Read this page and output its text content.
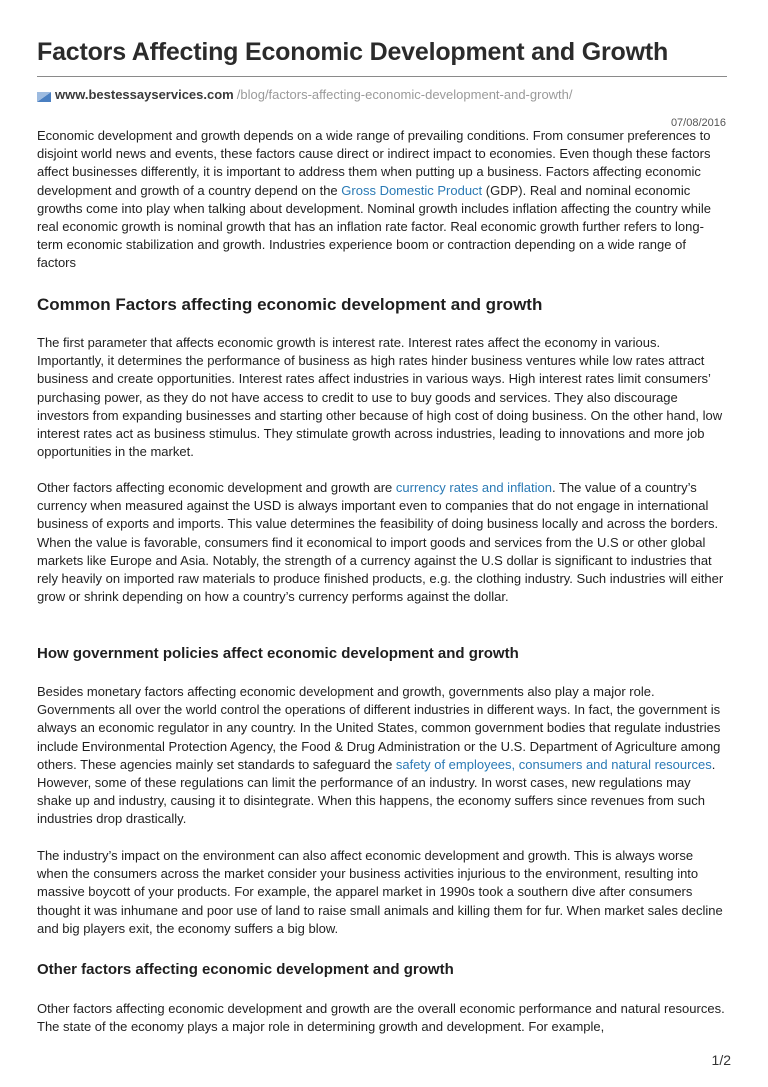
Factors Affecting Economic Development and Growth
www.bestessayservices.com /blog/factors-affecting-economic-development-and-growth/
07/08/2016

Economic development and growth depends on a wide range of prevailing conditions. From consumer preferences to disjoint world news and events, these factors cause direct or indirect impact to economies. Even though these factors affect businesses differently, it is important to address them when putting up a business. Factors affecting economic development and growth of a country depend on the Gross Domestic Product (GDP). Real and nominal economic growths come into play when talking about development. Nominal growth includes inflation affecting the country while real economic growth is nominal growth that has an inflation rate factor. Real economic growth further refers to long-term economic stabilization and growth. Industries experience boom or contraction depending on a wide range of factors

Common Factors affecting economic development and growth

The first parameter that affects economic growth is interest rate. Interest rates affect the economy in various. Importantly, it determines the performance of business as high rates hinder business ventures while low rates attract business and create opportunities. Interest rates affect industries in various ways. High interest rates limit consumers’ purchasing power, as they do not have access to credit to use to buy goods and services. They also discourage investors from expanding businesses and starting other because of high cost of doing business. On the other hand, low interest rates act as business stimulus. They stimulate growth across industries, leading to innovations and more job opportunities in the market.

Other factors affecting economic development and growth are currency rates and inflation. The value of a country’s currency when measured against the USD is always important even to companies that do not engage in international business of exports and imports. This value determines the feasibility of doing business locally and across the borders. When the value is favorable, consumers find it economical to import goods and services from the U.S or other global markets like Europe and Asia. Notably, the strength of a currency against the U.S dollar is significant to industries that rely heavily on imported raw materials to produce finished products, e.g. the clothing industry. Such industries will either grow or shrink depending on how a country’s currency performs against the dollar.

How government policies affect economic development and growth

Besides monetary factors affecting economic development and growth, governments also play a major role. Governments all over the world control the operations of different industries in different ways. In fact, the government is always an economic regulator in any country. In the United States, common government bodies that regulate industries include Environmental Protection Agency, the Food & Drug Administration or the U.S. Department of Agriculture among others. These agencies mainly set standards to safeguard the safety of employees, consumers and natural resources. However, some of these regulations can limit the performance of an industry. In worst cases, new regulations may shake up and industry, causing it to disintegrate. When this happens, the economy suffers since revenues from such industries drop drastically.

The industry’s impact on the environment can also affect economic development and growth. This is always worse when the consumers across the market consider your business activities injurious to the environment, resulting into massive boycott of your products. For example, the apparel market in 1990s took a southern dive after consumers thought it was inhumane and poor use of land to raise small animals and killing them for fur. When market sales decline and big players exit, the economy suffers a big blow.

Other factors affecting economic development and growth

Other factors affecting economic development and growth are the overall economic performance and natural resources. The state of the economy plays a major role in determining growth and development. For example,

1/2
